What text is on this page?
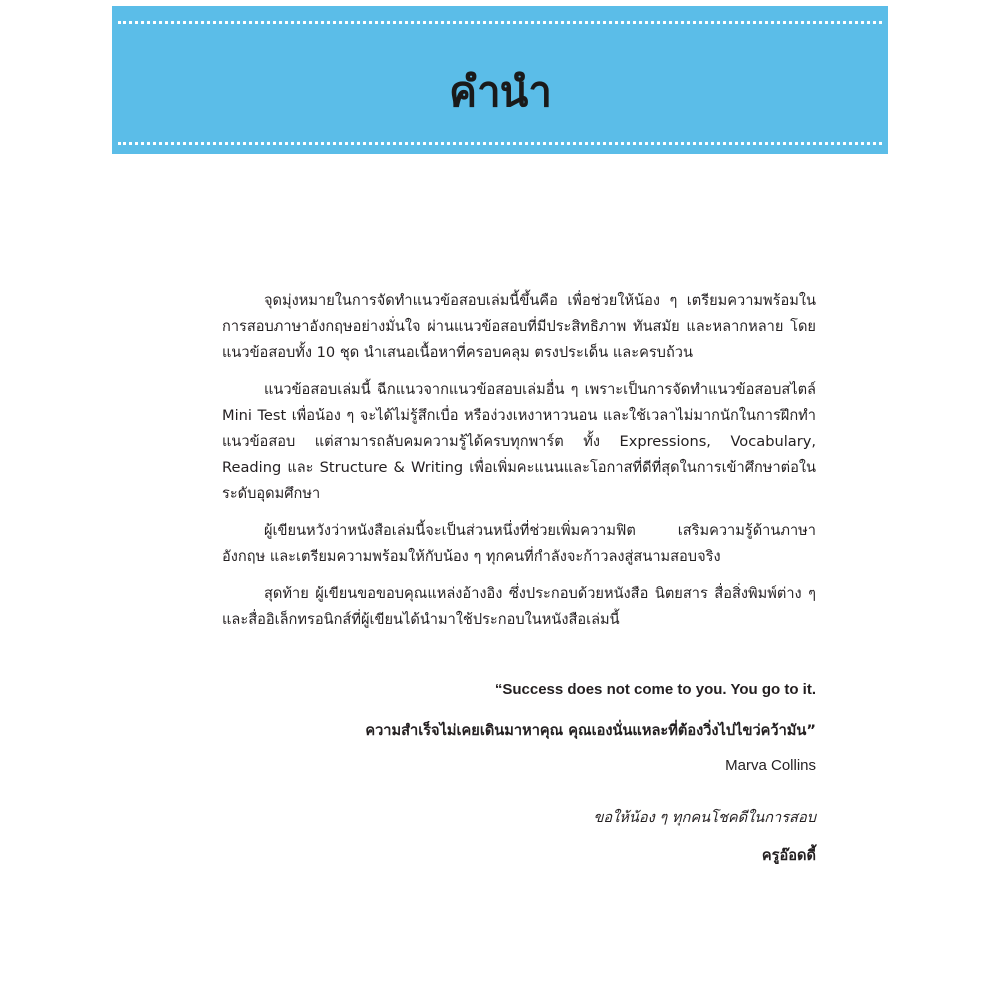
คำนำ

จุดมุ่งหมายในการจัดทำแนวข้อสอบเล่มนี้ขึ้นคือ เพื่อช่วยให้น้อง ๆ เตรียมความพร้อมในการสอบภาษาอังกฤษอย่างมั่นใจ ผ่านแนวข้อสอบที่มีประสิทธิภาพ ทันสมัย และหลากหลาย โดยแนวข้อสอบทั้ง 10 ชุด นำเสนอเนื้อหาที่ครอบคลุม ตรงประเด็น และครบถ้วน

แนวข้อสอบเล่มนี้ ฉีกแนวจากแนวข้อสอบเล่มอื่น ๆ เพราะเป็นการจัดทำแนวข้อสอบสไตล์ Mini Test เพื่อน้อง ๆ จะได้ไม่รู้สึกเบื่อ หรือง่วงเหงาหาวนอน และใช้เวลาไม่มากนักในการฝึกทำแนวข้อสอบ แต่สามารถลับคมความรู้ได้ครบทุกพาร์ต ทั้ง Expressions, Vocabulary, Reading และ Structure & Writing เพื่อเพิ่มคะแนนและโอกาสที่ดีที่สุดในการเข้าศึกษาต่อในระดับอุดมศึกษา

ผู้เขียนหวังว่าหนังสือเล่มนี้จะเป็นส่วนหนึ่งที่ช่วยเพิ่มความฟิต เสริมความรู้ด้านภาษาอังกฤษ และเตรียมความพร้อมให้กับน้อง ๆ ทุกคนที่กำลังจะก้าวลงสู่สนามสอบจริง

สุดท้าย ผู้เขียนขอขอบคุณแหล่งอ้างอิง ซึ่งประกอบด้วยหนังสือ นิตยสาร สื่อสิ่งพิมพ์ต่าง ๆ และสื่ออิเล็กทรอนิกส์ที่ผู้เขียนได้นำมาใช้ประกอบในหนังสือเล่มนี้

“Success does not come to you. You go to it.
ความสำเร็จไม่เคยเดินมาหาคุณ คุณเองนั่นแหละที่ต้องวิ่งไปไขว่คว้ามัน”
Marva Collins
ขอให้น้อง ๆ ทุกคนโชคดีในการสอบ
ครูอ๊อดดี้
